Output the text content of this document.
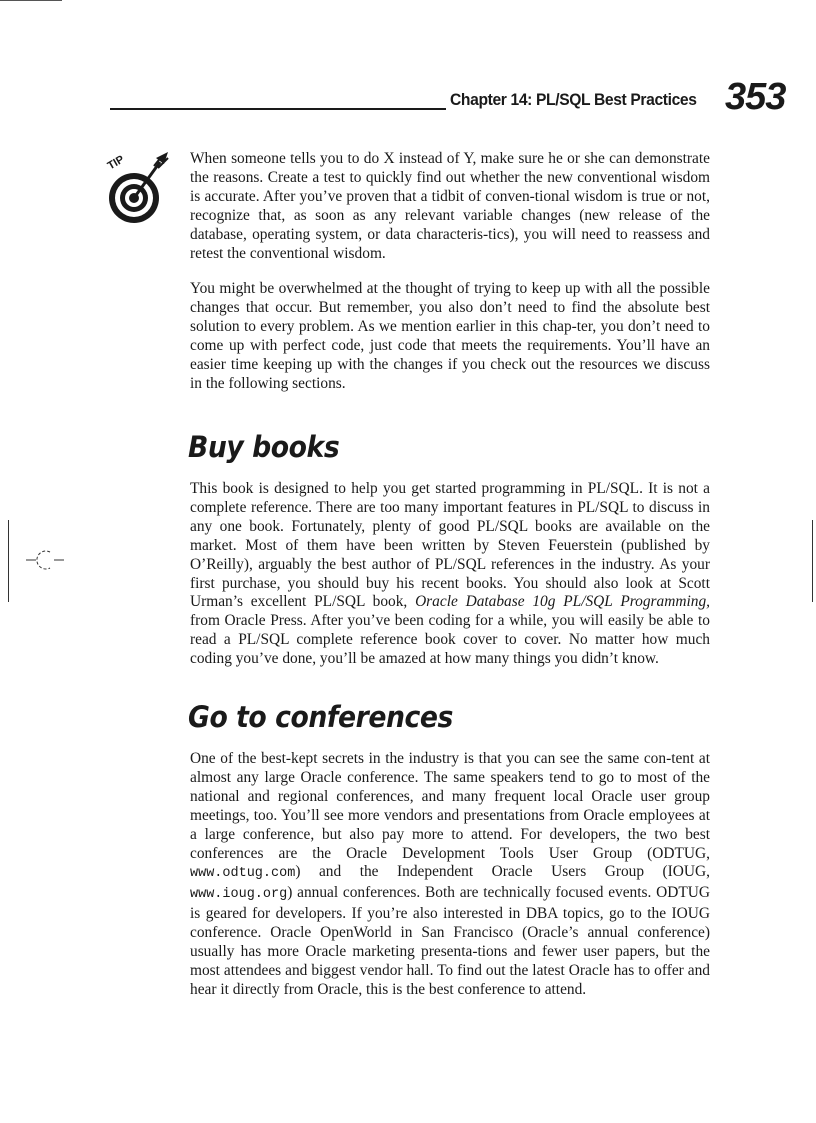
Chapter 14: PL/SQL Best Practices 353
TIP	When someone tells you to do X instead of Y, make sure he or she can demonstrate the reasons. Create a test to quickly find out whether the new conventional wisdom is accurate. After you’ve proven that a tidbit of conven-tional wisdom is true or not, recognize that, as soon as any relevant variable changes (new release of the database, operating system, or data characteris-tics), you will need to reassess and retest the conventional wisdom.
You might be overwhelmed at the thought of trying to keep up with all the possible changes that occur. But remember, you also don’t need to find the absolute best solution to every problem. As we mention earlier in this chap-ter, you don’t need to come up with perfect code, just code that meets the requirements. You’ll have an easier time keeping up with the changes if you check out the resources we discuss in the following sections.
Buy books
This book is designed to help you get started programming in PL/SQL. It is not a complete reference. There are too many important features in PL/SQL to discuss in any one book. Fortunately, plenty of good PL/SQL books are available on the market. Most of them have been written by Steven Feuerstein (published by O’Reilly), arguably the best author of PL/SQL references in the industry. As your first purchase, you should buy his recent books. You should also look at Scott Urman’s excellent PL/SQL book, Oracle Database 10g PL/SQL Programming, from Oracle Press. After you’ve been coding for a while, you will easily be able to read a PL/SQL complete reference book cover to cover. No matter how much coding you’ve done, you’ll be amazed at how many things you didn’t know.
Go to conferences
One of the best-kept secrets in the industry is that you can see the same con-tent at almost any large Oracle conference. The same speakers tend to go to most of the national and regional conferences, and many frequent local Oracle user group meetings, too. You’ll see more vendors and presentations from Oracle employees at a large conference, but also pay more to attend. For developers, the two best conferences are the Oracle Development Tools User Group (ODTUG, www.odtug.com) and the Independent Oracle Users Group (IOUG, www.ioug.org) annual conferences. Both are technically focused events. ODTUG is geared for developers. If you’re also interested in DBA topics, go to the IOUG conference. Oracle OpenWorld in San Francisco (Oracle’s annual conference) usually has more Oracle marketing presenta-tions and fewer user papers, but the most attendees and biggest vendor hall. To find out the latest Oracle has to offer and hear it directly from Oracle, this is the best conference to attend.
